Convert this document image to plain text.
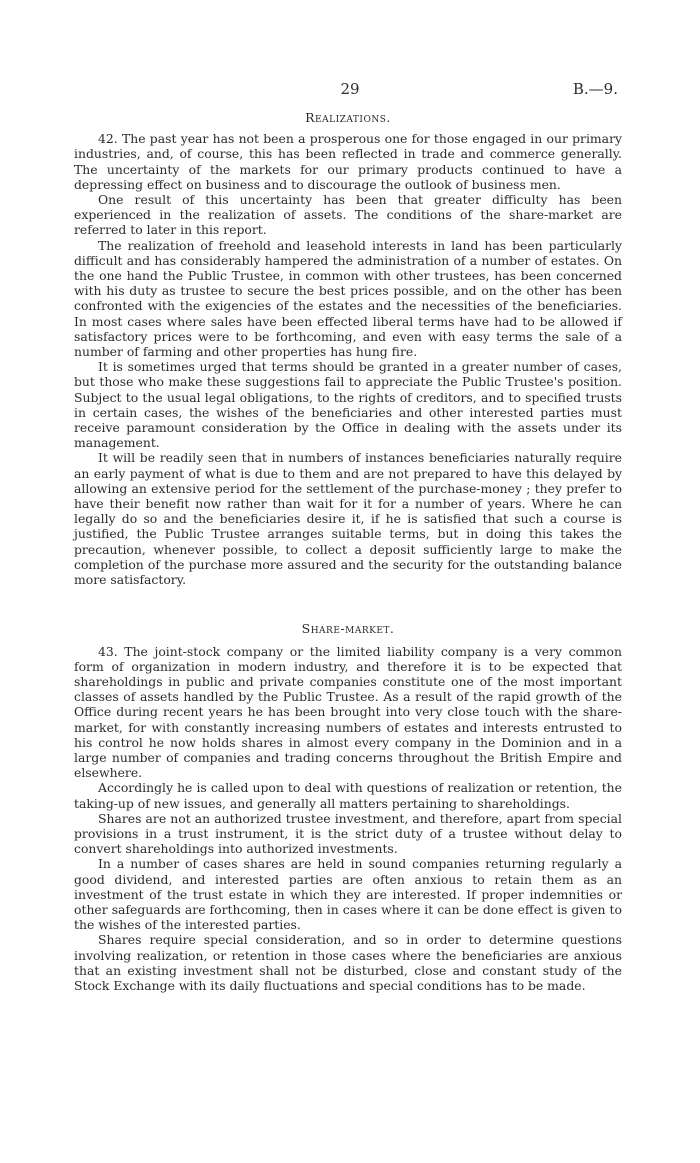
29	B.—9.
Realizations.

42. The past year has not been a prosperous one for those engaged in our primary industries, and, of course, this has been reflected in trade and commerce generally. The uncertainty of the markets for our primary products continued to have a depressing effect on business and to discourage the outlook of business men.

One result of this uncertainty has been that greater difficulty has been experienced in the realization of assets. The conditions of the share-market are referred to later in this report.

The realization of freehold and leasehold interests in land has been particularly difficult and has considerably hampered the administration of a number of estates. On the one hand the Public Trustee, in common with other trustees, has been concerned with his duty as trustee to secure the best prices possible, and on the other has been confronted with the exigencies of the estates and the necessities of the beneficiaries. In most cases where sales have been effected liberal terms have had to be allowed if satisfactory prices were to be forthcoming, and even with easy terms the sale of a number of farming and other properties has hung fire.

It is sometimes urged that terms should be granted in a greater number of cases, but those who make these suggestions fail to appreciate the Public Trustee's position. Subject to the usual legal obligations, to the rights of creditors, and to specified trusts in certain cases, the wishes of the beneficiaries and other interested parties must receive paramount consideration by the Office in dealing with the assets under its management.

It will be readily seen that in numbers of instances beneficiaries naturally require an early payment of what is due to them and are not prepared to have this delayed by allowing an extensive period for the settlement of the purchase-money ; they prefer to have their benefit now rather than wait for it for a number of years. Where he can legally do so and the beneficiaries desire it, if he is satisfied that such a course is justified, the Public Trustee arranges suitable terms, but in doing this takes the precaution, whenever possible, to collect a deposit sufficiently large to make the completion of the purchase more assured and the security for the outstanding balance more satisfactory.

Share-market.

43. The joint-stock company or the limited liability company is a very common form of organization in modern industry, and therefore it is to be expected that shareholdings in public and private companies constitute one of the most important classes of assets handled by the Public Trustee. As a result of the rapid growth of the Office during recent years he has been brought into very close touch with the share-market, for with constantly increasing numbers of estates and interests entrusted to his control he now holds shares in almost every company in the Dominion and in a large number of companies and trading concerns throughout the British Empire and elsewhere.

Accordingly he is called upon to deal with questions of realization or retention, the taking-up of new issues, and generally all matters pertaining to shareholdings.

Shares are not an authorized trustee investment, and therefore, apart from special provisions in a trust instrument, it is the strict duty of a trustee without delay to convert shareholdings into authorized investments.

In a number of cases shares are held in sound companies returning regularly a good dividend, and interested parties are often anxious to retain them as an investment of the trust estate in which they are interested. If proper indemnities or other safeguards are forthcoming, then in cases where it can be done effect is given to the wishes of the interested parties.

Shares require special consideration, and so in order to determine questions involving realization, or retention in those cases where the beneficiaries are anxious that an existing investment shall not be disturbed, close and constant study of the Stock Exchange with its daily fluctuations and special conditions has to be made.
